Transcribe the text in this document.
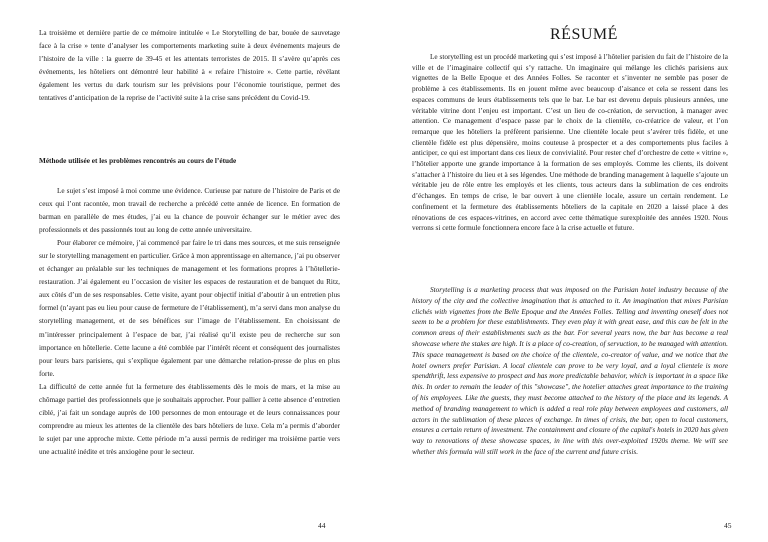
La troisième et dernière partie de ce mémoire intitulée « Le Storytelling de bar, bouée de sauvetage face à la crise » tente d’analyser les comportements marketing suite à deux événements majeurs de l’histoire de la ville : la guerre de 39-45 et les attentats terroristes de 2015. Il s’avère qu’après ces événements, les hôteliers ont démontré leur habilité à « refaire l’histoire ». Cette partie, révélant également les vertus du dark tourism sur les prévisions pour l’économie touristique, permet des tentatives d’anticipation de la reprise de l’activité suite à la crise sans précédent du Covid-19.

Méthode utilisée et les problèmes rencontrés au cours de l’étude

Le sujet s’est imposé à moi comme une évidence. Curieuse par nature de l’histoire de Paris et de ceux qui l’ont racontée, mon travail de recherche a précédé cette année de licence. En formation de barman en parallèle de mes études, j’ai eu la chance de pouvoir échanger sur le métier avec des professionnels et des passionnés tout au long de cette année universitaire.

Pour élaborer ce mémoire, j’ai commencé par faire le tri dans mes sources, et me suis renseignée sur le storytelling management en particulier. Grâce à mon apprentissage en alternance, j’ai pu observer et échanger au préalable sur les techniques de management et les formations propres à l’hôtellerie- restauration. J’ai également eu l’occasion de visiter les espaces de restauration et de banquet du Ritz, aux côtés d’un de ses responsables. Cette visite, ayant pour objectif initial d’aboutir à un entretien plus formel (n’ayant pas eu lieu pour cause de fermeture de l’établissement), m’a servi dans mon analyse du storytelling management, et de ses bénéfices sur l’image de l’établissement. En choisissant de m’intéresser principalement à l’espace de bar, j’ai réalisé qu’il existe peu de recherche sur son importance en hôtellerie. Cette lacune a été comblée par l’intérêt récent et conséquent des journalistes pour leurs bars parisiens, qui s’explique également par une démarche relation-presse de plus en plus forte.

La difficulté de cette année fut la fermeture des établissements dès le mois de mars, et la mise au chômage partiel des professionnels que je souhaitais approcher. Pour pallier à cette absence d’entretien ciblé, j’ai fait un sondage auprès de 100 personnes de mon entourage et de leurs connaissances pour comprendre au mieux les attentes de la clientèle des bars hôteliers de luxe. Cela m’a permis d’aborder le sujet par une approche mixte. Cette période m’a aussi permis de rediriger ma troisième partie vers une actualité inédite et très anxiogène pour le secteur.

44	45
RÉSUMÉ

Le storytelling est un procédé marketing qui s’est imposé à l’hôtelier parisien du fait de l’histoire de la ville et de l’imaginaire collectif qui s’y rattache. Un imaginaire qui mélange les clichés parisiens aux vignettes de la Belle Epoque et des Années Folles. Se raconter et s’inventer ne semble pas poser de problème à ces établissements. Ils en jouent même avec beaucoup d’aisance et cela se ressent dans les espaces communs de leurs établissements tels que le bar. Le bar est devenu depuis plusieurs années, une véritable vitrine dont l’enjeu est important. C’est un lieu de co-création, de servuction, à manager avec attention. Ce management d’espace passe par le choix de la clientèle, co-créatrice de valeur, et l’on remarque que les hôteliers la préfèrent parisienne. Une clientèle locale peut s’avérer très fidèle, et une clientèle fidèle est plus dépensière, moins couteuse à prospecter et a des comportements plus faciles à anticiper, ce qui est important dans ces lieux de convivialité. Pour rester chef d’orchestre de cette « vitrine », l’hôtelier apporte une grande importance à la formation de ses employés. Comme les clients, ils doivent s’attacher à l’histoire du lieu et à ses légendes. Une méthode de branding management à laquelle s’ajoute un véritable jeu de rôle entre les employés et les clients, tous acteurs dans la sublimation de ces endroits d’échanges. En temps de crise, le bar ouvert à une clientèle locale, assure un certain rendement. Le confinement et la fermeture des établissements hôteliers de la capitale en 2020 a laissé place à des rénovations de ces espaces-vitrines, en accord avec cette thématique surexploitée des années 1920. Nous verrons si cette formule fonctionnera encore face à la crise actuelle et future.

Storytelling is a marketing process that was imposed on the Parisian hotel industry because of the history of the city and the collective imagination that is attached to it. An imagination that mixes Parisian clichés with vignettes from the Belle Epoque and the Années Folles. Telling and inventing oneself does not seem to be a problem for these establishments. They even play it with great ease, and this can be felt in the common areas of their establishments such as the bar. For several years now, the bar has become a real showcase where the stakes are high. It is a place of co-creation, of servuction, to be managed with attention. This space management is based on the choice of the clientele, co-creator of value, and we notice that the hotel owners prefer Parisian. A local clientele can prove to be very loyal, and a loyal clientele is more spendthrift, less expensive to prospect and has more predictable behavior, which is important in a space like this. In order to remain the leader of this "showcase", the hotelier attaches great importance to the training of his employees. Like the guests, they must become attached to the history of the place and its legends. A method of branding management to which is added a real role play between employees and customers, all actors in the sublimation of these places of exchange. In times of crisis, the bar, open to local customers, ensures a certain return of investment. The containment and closure of the capital's hotels in 2020 has given way to renovations of these showcase spaces, in line with this over-exploited 1920s theme. We will see whether this formula will still work in the face of the current and future crisis.
